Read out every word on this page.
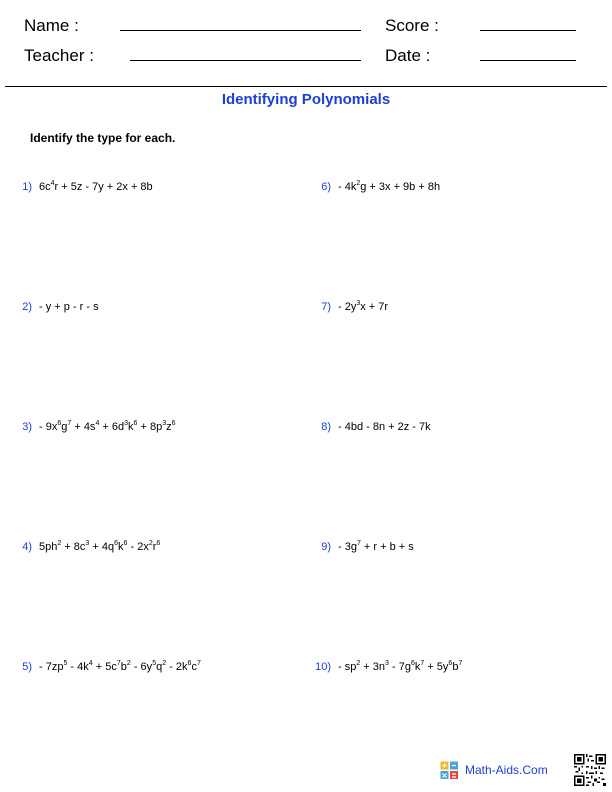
Name :	Score :
Teacher :	Date :
Identifying Polynomials
Identify the type for each.
1) $6c^4r + 5z - 7y + 2x + 8b$
2) - y + p - r - s
$3) - 9x^6g^7 + 4s^4 + 6d^3k^6 + 8p^3z^6$
4) $5ph^2 + 8c^3 + 4q^6k^6 - 2x^2r^6$
$5) - 7zp^5 - 4k^4 + 5c^7b^2 - 6y^5q^2 - 2k^6c^7$
$6) - 4k^2g + 3x + 9b + 8h$
$7) - 2y^3x + 7r$
8) - 4bd - 8n + 2z - 7k
$9) - 3g^7 + r + b + s$
$10) - sp^2 + 3n^3 - 7g^6k^7 + 5y^6b^7$
Math-Aids.Com
